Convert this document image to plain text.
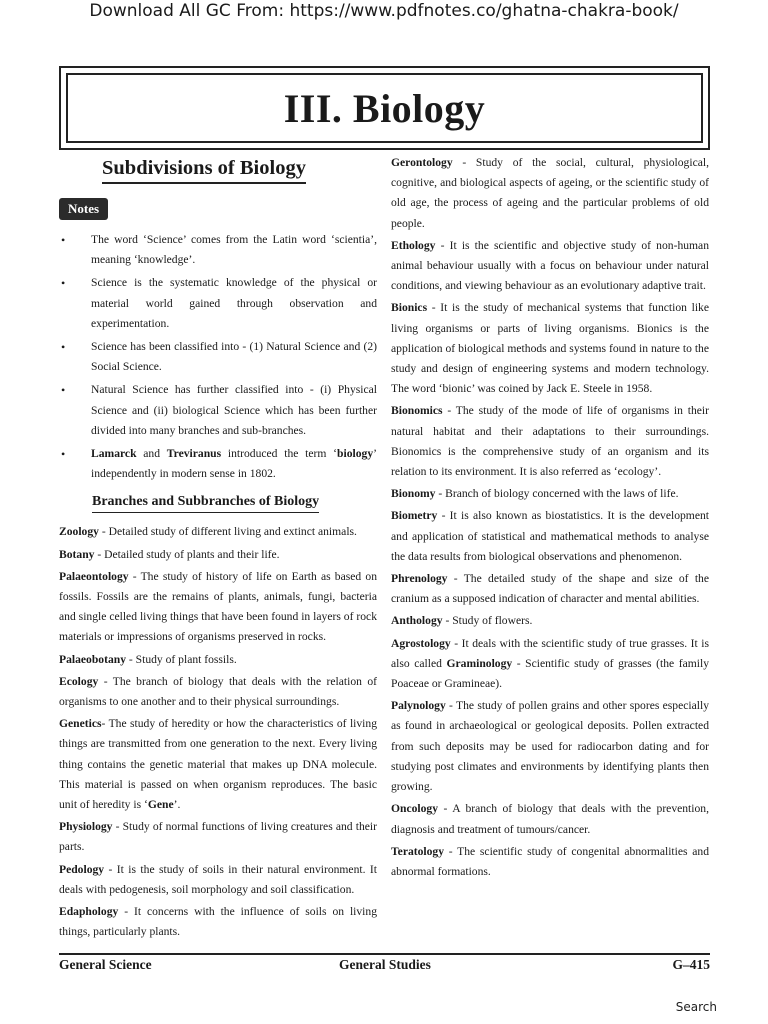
Download All GC From: https://www.pdfnotes.co/ghatna-chakra-book/
III. Biology
Subdivisions of Biology
Notes
• The word ‘Science’ comes from the Latin word ‘scientia’, meaning ‘knowledge’.
• Science is the systematic knowledge of the physical or material world gained through observation and experimentation.
• Science has been classified into - (1) Natural Science and (2) Social Science.
• Natural Science has further classified into - (i) Physical Science and (ii) biological Science which has been further divided into many branches and sub-branches.
• Lamarck and Treviranus introduced the term ‘biology’ independently in modern sense in 1802.
Branches and Subbranches of Biology
Zoology - Detailed study of different living and extinct animals.
Botany - Detailed study of plants and their life.
Palaeontology - The study of history of life on Earth as based on fossils. Fossils are the remains of plants, animals, fungi, bacteria and single celled living things that have been found in layers of rock materials or impressions of organisms preserved in rocks.
Palaeobotany - Study of plant fossils.
Ecology - The branch of biology that deals with the relation of organisms to one another and to their physical surroundings.
Genetics- The study of heredity or how the characteristics of living things are transmitted from one generation to the next. Every living thing contains the genetic material that makes up DNA molecule. This material is passed on when organism reproduces. The basic unit of heredity is ‘Gene’.
Physiology - Study of normal functions of living creatures and their parts.
Pedology - It is the study of soils in their natural environment. It deals with pedogenesis, soil morphology and soil classification.
Edaphology - It concerns with the influence of soils on living things, particularly plants.
Gerontology - Study of the social, cultural, physiological, cognitive, and biological aspects of ageing, or the scientific study of old age, the process of ageing and the particular problems of old people.
Ethology - It is the scientific and objective study of non-human animal behaviour usually with a focus on behaviour under natural conditions, and viewing behaviour as an evolutionary adaptive trait.
Bionics - It is the study of mechanical systems that function like living organisms or parts of living organisms. Bionics is the application of biological methods and systems found in nature to the study and design of engineering systems and modern technology. The word ‘bionic’ was coined by Jack E. Steele in 1958.
Bionomics - The study of the mode of life of organisms in their natural habitat and their adaptations to their surroundings. Bionomics is the comprehensive study of an organism and its relation to its environment. It is also referred as ‘ecology’.
Bionomy - Branch of biology concerned with the laws of life.
Biometry - It is also known as biostatistics. It is the development and application of statistical and mathematical methods to analyse the data results from biological observations and phenomenon.
Phrenology - The detailed study of the shape and size of the cranium as a supposed indication of character and mental abilities.
Anthology - Study of flowers.
Agrostology - It deals with the scientific study of true grasses. It is also called Graminology - Scientific study of grasses (the family Poaceae or Gramineae).
Palynology - The study of pollen grains and other spores especially as found in archaeological or geological deposits. Pollen extracted from such deposits may be used for radiocarbon dating and for studying post climates and environments by identifying plants then growing.
Oncology - A branch of biology that deals with the prevention, diagnosis and treatment of tumours/cancer.
Teratology - The scientific study of congenital abnormalities and abnormal formations.
General Science	General Studies	G–415
Search
